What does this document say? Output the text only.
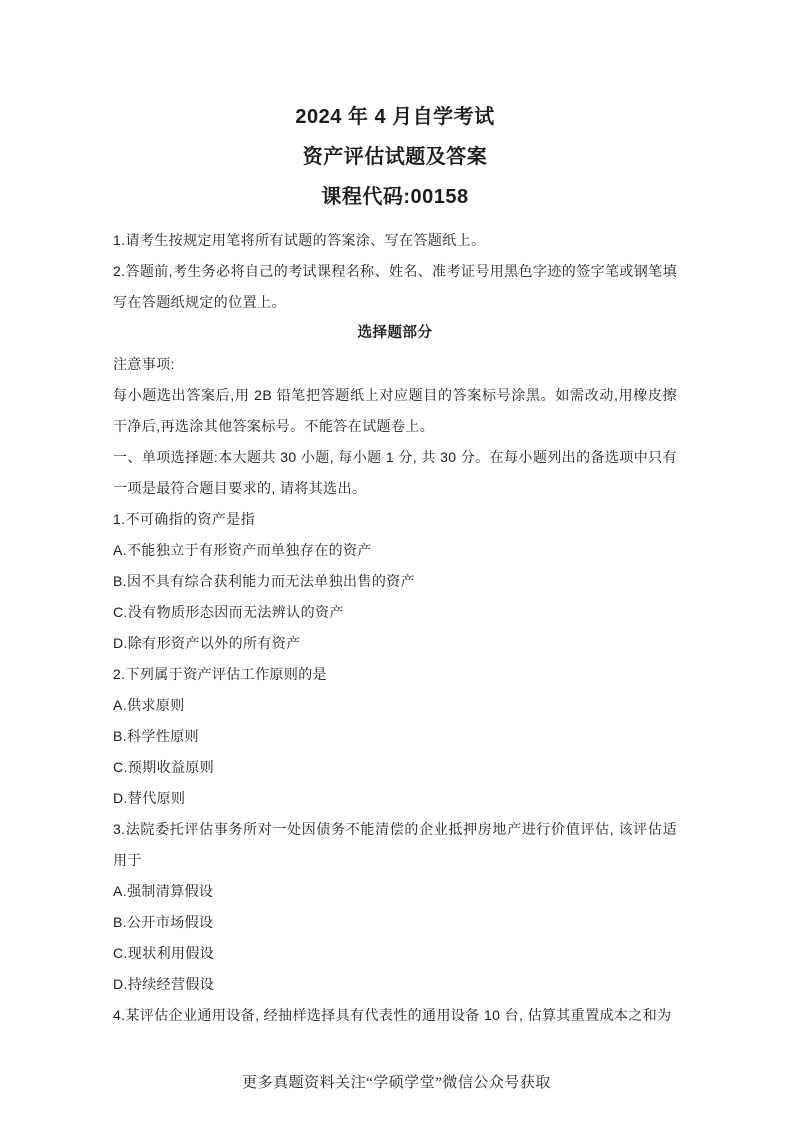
2024 年 4 月自学考试
资产评估试题及答案
课程代码:00158

1.请考生按规定用笔将所有试题的答案涂、写在答题纸上。

2.答题前,考生务必将自己的考试课程名称、姓名、准考证号用黑色字迹的签字笔或钢笔填写在答题纸规定的位置上。

选择题部分

注意事项:

每小题选出答案后,用 2B 铅笔把答题纸上对应题目的答案标号涂黑。如需改动,用橡皮擦干净后,再选涂其他答案标号。不能答在试题卷上。

一、单项选择题:本大题共 30 小题, 每小题 1 分, 共 30 分。在每小题列出的备选项中只有一项是最符合题目要求的, 请将其选出。

1.不可确指的资产是指

A.不能独立于有形资产而单独存在的资产

B.因不具有综合获利能力而无法单独出售的资产

C.没有物质形态因而无法辨认的资产

D.除有形资产以外的所有资产

2.下列属于资产评估工作原则的是

A.供求原则

B.科学性原则

C.预期收益原则

D.替代原则

3.法院委托评估事务所对一处因债务不能清偿的企业抵押房地产进行价值评估, 该评估适用于

A.强制清算假设

B.公开市场假设

C.现状利用假设

D.持续经营假设

4.某评估企业通用设备, 经抽样选择具有代表性的通用设备 10 台, 估算其重置成本之和为

更多真题资料关注“学硕学堂”微信公众号获取
